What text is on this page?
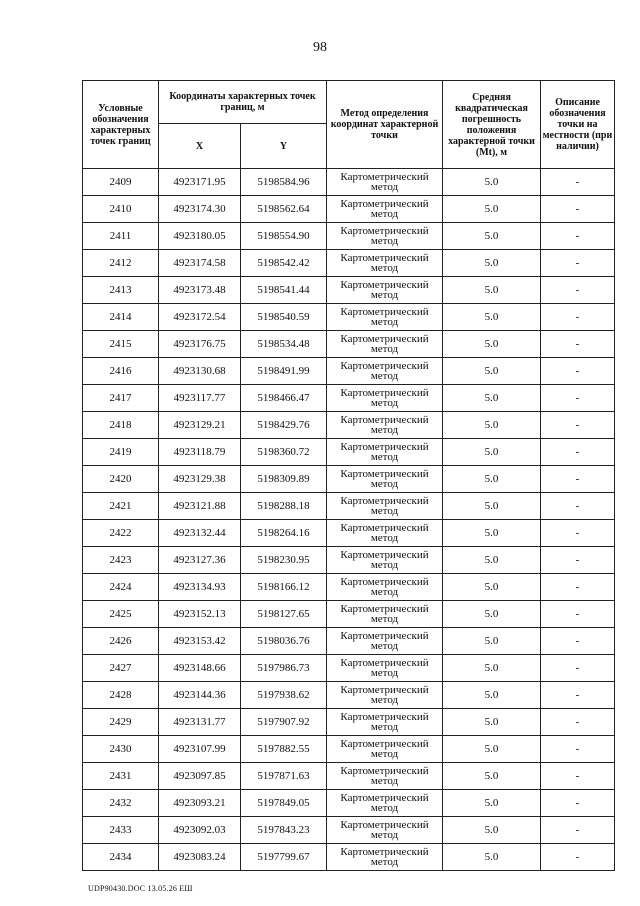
98
Условные обозначения характерных точек границ	Координаты характерных точек границ, м		Метод определения координат характерной точки	Средняя квадратическая погрешность положения характерной точки (Mt), м	Описание обозначения точки на местности (при наличии)
	X	Y			
2409	4923171.95	5198584.96	Картометрический метод	5.0	-
2410	4923174.30	5198562.64	Картометрический метод	5.0	-
2411	4923180.05	5198554.90	Картометрический метод	5.0	-
2412	4923174.58	5198542.42	Картометрический метод	5.0	-
2413	4923173.48	5198541.44	Картометрический метод	5.0	-
2414	4923172.54	5198540.59	Картометрический метод	5.0	-
2415	4923176.75	5198534.48	Картометрический метод	5.0	-
2416	4923130.68	5198491.99	Картометрический метод	5.0	-
2417	4923117.77	5198466.47	Картометрический метод	5.0	-
2418	4923129.21	5198429.76	Картометрический метод	5.0	-
2419	4923118.79	5198360.72	Картометрический метод	5.0	-
2420	4923129.38	5198309.89	Картометрический метод	5.0	-
2421	4923121.88	5198288.18	Картометрический метод	5.0	-
2422	4923132.44	5198264.16	Картометрический метод	5.0	-
2423	4923127.36	5198230.95	Картометрический метод	5.0	-
2424	4923134.93	5198166.12	Картометрический метод	5.0	-
2425	4923152.13	5198127.65	Картометрический метод	5.0	-
2426	4923153.42	5198036.76	Картометрический метод	5.0	-
2427	4923148.66	5197986.73	Картометрический метод	5.0	-
2428	4923144.36	5197938.62	Картометрический метод	5.0	-
2429	4923131.77	5197907.92	Картометрический метод	5.0	-
2430	4923107.99	5197882.55	Картометрический метод	5.0	-
2431	4923097.85	5197871.63	Картометрический метод	5.0	-
2432	4923093.21	5197849.05	Картометрический метод	5.0	-
2433	4923092.03	5197843.23	Картометрический метод	5.0	-
2434	4923083.24	5197799.67	Картометрический метод	5.0	-
UDP90430.DOC 13.05.26 EШ
